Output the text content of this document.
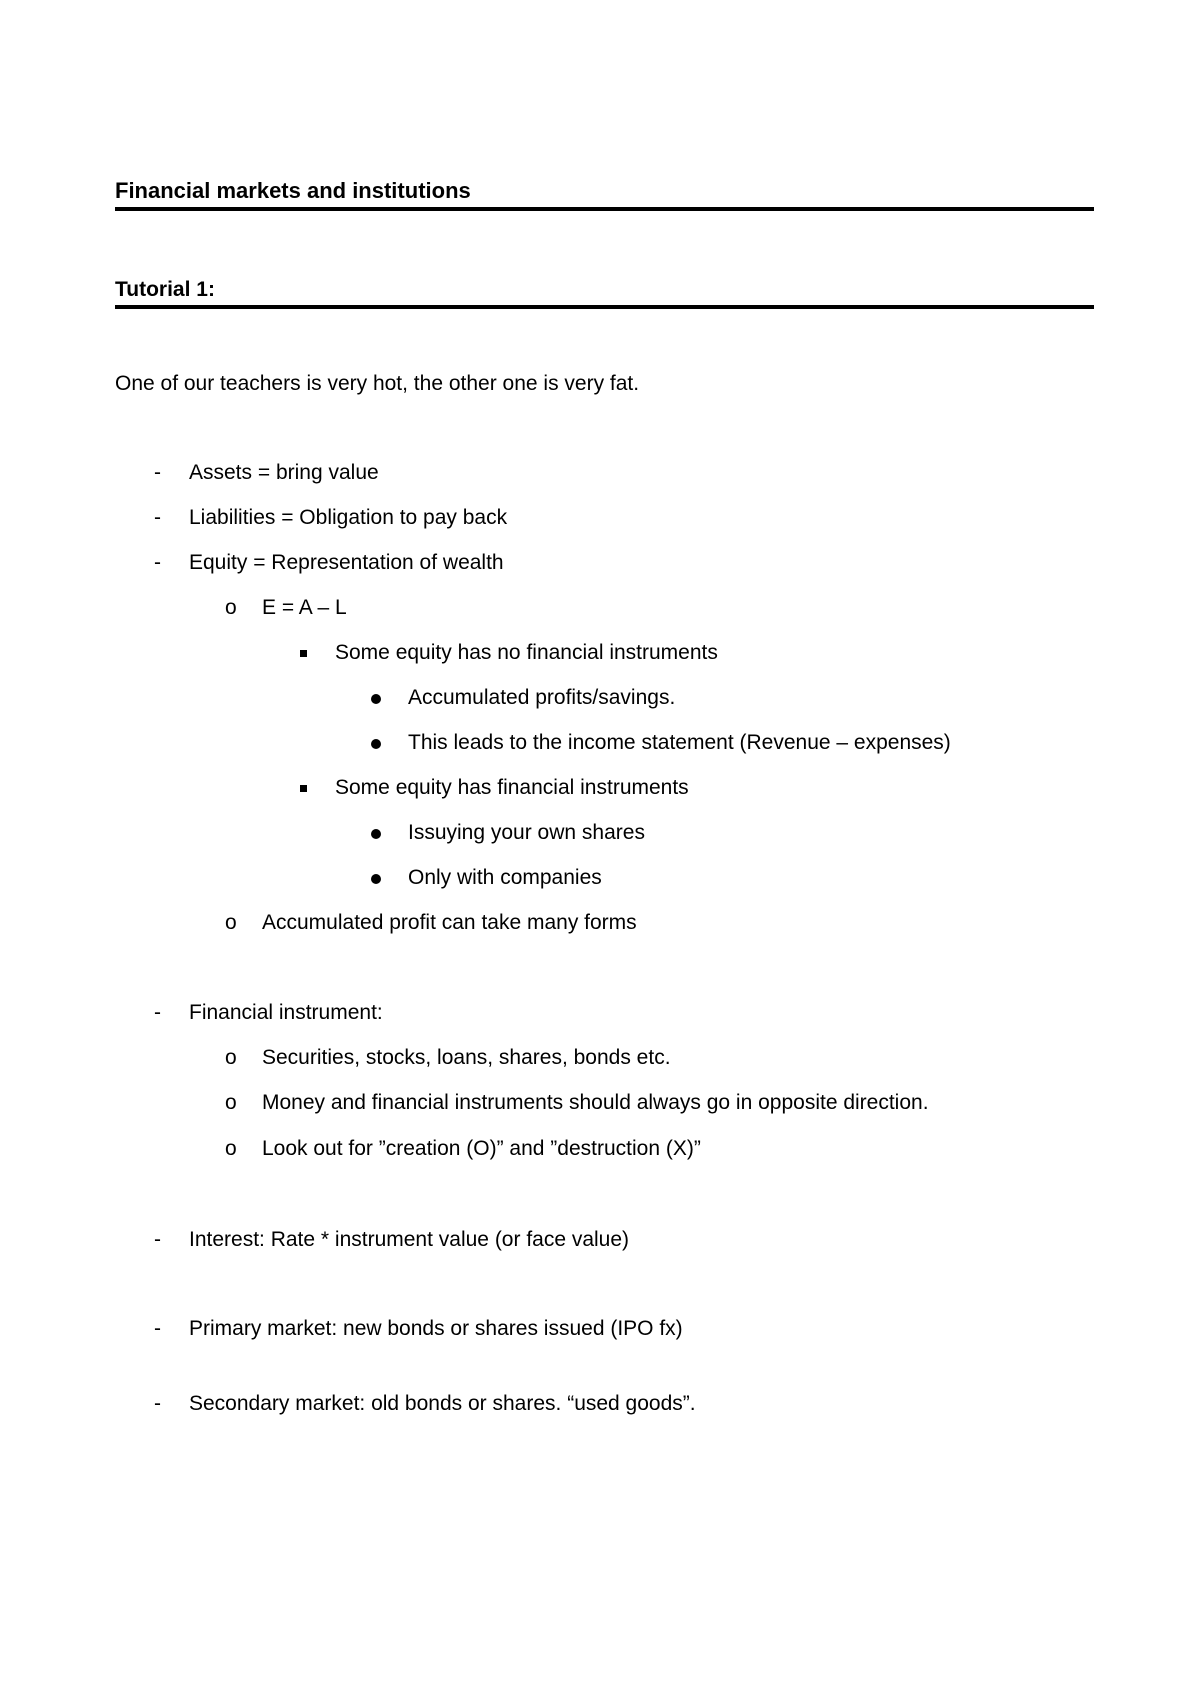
Financial markets and institutions
Tutorial 1:
One of our teachers is very hot, the other one is very fat.
- Assets = bring value
- Liabilities = Obligation to pay back
- Equity = Representation of wealth
o E = A – L
Some equity has no financial instruments
Accumulated profits/savings.
This leads to the income statement (Revenue – expenses)
Some equity has financial instruments
Issuying your own shares
Only with companies
o Accumulated profit can take many forms
- Financial instrument:
o Securities, stocks, loans, shares, bonds etc.
o Money and financial instruments should always go in opposite direction.
o Look out for ”creation (O)” and ”destruction (X)”
- Interest: Rate * instrument value (or face value)
- Primary market: new bonds or shares issued (IPO fx)
- Secondary market: old bonds or shares. “used goods”.
